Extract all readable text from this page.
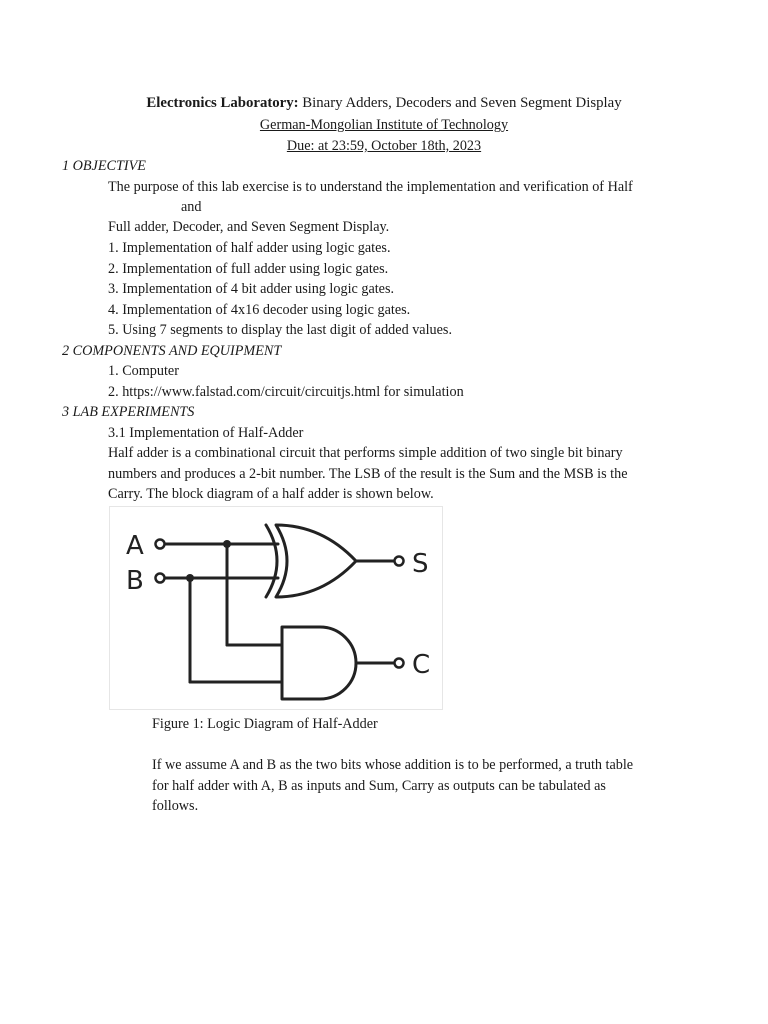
Electronics Laboratory: Binary Adders, Decoders and Seven Segment Display
German-Mongolian Institute of Technology
Due: at 23:59, October 18th, 2023
1 OBJECTIVE
The purpose of this lab exercise is to understand the implementation and verification of Half
and
Full adder, Decoder, and Seven Segment Display.
1. Implementation of half adder using logic gates.
2. Implementation of full adder using logic gates.
3. Implementation of 4 bit adder using logic gates.
4. Implementation of 4x16 decoder using logic gates.
5. Using 7 segments to display the last digit of added values.
2 COMPONENTS AND EQUIPMENT
1. Computer
2. https://www.falstad.com/circuit/circuitjs.html for simulation
3 LAB EXPERIMENTS
3.1 Implementation of Half-Adder
Half adder is a combinational circuit that performs simple addition of two single bit binary
numbers and produces a 2-bit number. The LSB of the result is the Sum and the MSB is the
Carry. The block diagram of a half adder is shown below.
A
B
S
C
Figure 1: Logic Diagram of Half-Adder
If we assume A and B as the two bits whose addition is to be performed, a truth table
for half adder with A, B as inputs and Sum, Carry as outputs can be tabulated as
follows.
